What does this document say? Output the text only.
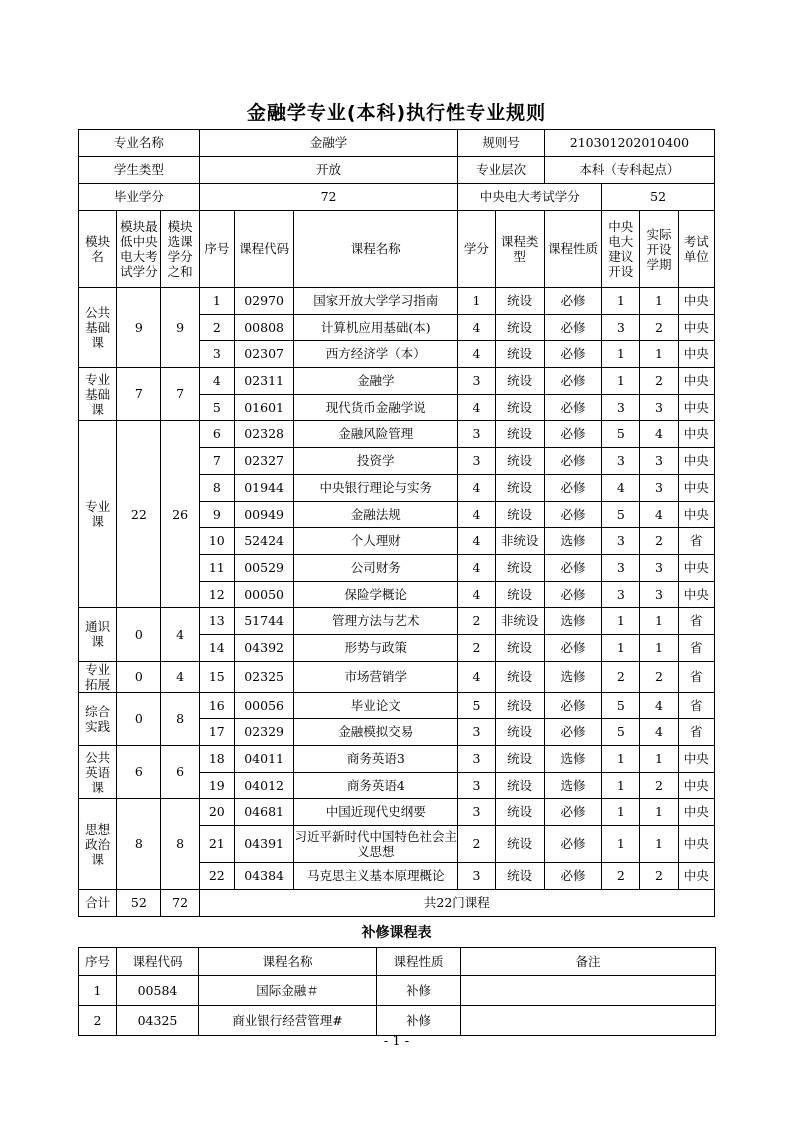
金融学专业(本科)执行性专业规则
专业名称			金融学			规则号		210301202010400			
学生类型			开放			专业层次		本科（专科起点）			
毕业学分			72			中央电大考试学分			52		
模块名	模块最低中央电大考试学分	模块选课学分之和	序号	课程代码	课程名称	学分	课程类型	课程性质	中央电大建议开设	实际开设学期	考试单位
公共基础课	9	9	1	02970	国家开放大学学习指南	1	统设	必修	1	1	中央
			2	00808	计算机应用基础(本)	4	统设	必修	3	2	中央
			3	02307	西方经济学（本）	4	统设	必修	1	1	中央
专业基础课	7	7	4	02311	金融学	3	统设	必修	1	2	中央
			5	01601	现代货币金融学说	4	统设	必修	3	3	中央
专业课	22	26	6	02328	金融风险管理	3	统设	必修	5	4	中央
			7	02327	投资学	3	统设	必修	3	3	中央
			8	01944	中央银行理论与实务	4	统设	必修	4	3	中央
			9	00949	金融法规	4	统设	必修	5	4	中央
			10	52424	个人理财	4	非统设	选修	3	2	省
			11	00529	公司财务	4	统设	必修	3	3	中央
			12	00050	保险学概论	4	统设	必修	3	3	中央
通识课	0	4	13	51744	管理方法与艺术	2	非统设	选修	1	1	省
			14	04392	形势与政策	2	统设	必修	1	1	省
专业拓展	0	4	15	02325	市场营销学	4	统设	选修	2	2	省
综合实践	0	8	16	00056	毕业论文	5	统设	必修	5	4	省
			17	02329	金融模拟交易	3	统设	必修	5	4	省
公共英语课	6	6	18	04011	商务英语3	3	统设	选修	1	1	中央
			19	04012	商务英语4	3	统设	选修	1	2	中央
思想政治课	8	8	20	04681	中国近现代史纲要	3	统设	必修	1	1	中央
			21	04391	习近平新时代中国特色社会主义思想	2	统设	必修	1	1	中央
			22	04384	马克思主义基本原理概论	3	统设	必修	2	2	中央
合计	52	72	共22门课程								
补修课程表
序号	课程代码	课程名称	课程性质	备注
1	00584	国际金融＃	补修	
2	04325	商业银行经营管理#	补修	
- 1 -
